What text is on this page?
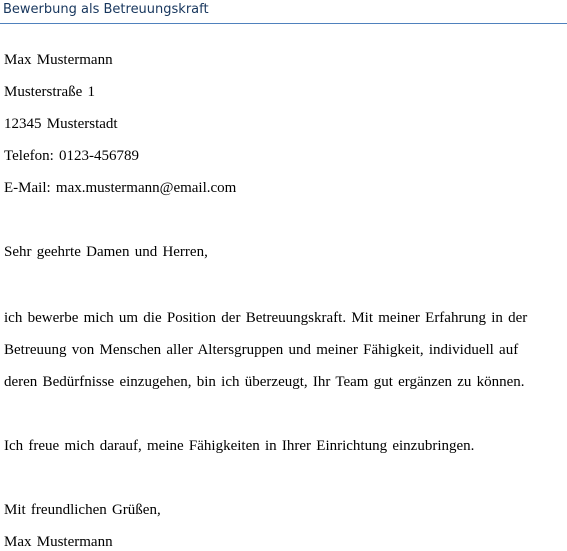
Bewerbung als Betreuungskraft
Max Mustermann
Musterstraße 1
12345 Musterstadt
Telefon: 0123-456789
E-Mail: max.mustermann@email.com
Sehr geehrte Damen und Herren,
ich bewerbe mich um die Position der Betreuungskraft. Mit meiner Erfahrung in der
Betreuung von Menschen aller Altersgruppen und meiner Fähigkeit, individuell auf
deren Bedürfnisse einzugehen, bin ich überzeugt, Ihr Team gut ergänzen zu können.
Ich freue mich darauf, meine Fähigkeiten in Ihrer Einrichtung einzubringen.
Mit freundlichen Grüßen,
Max Mustermann
